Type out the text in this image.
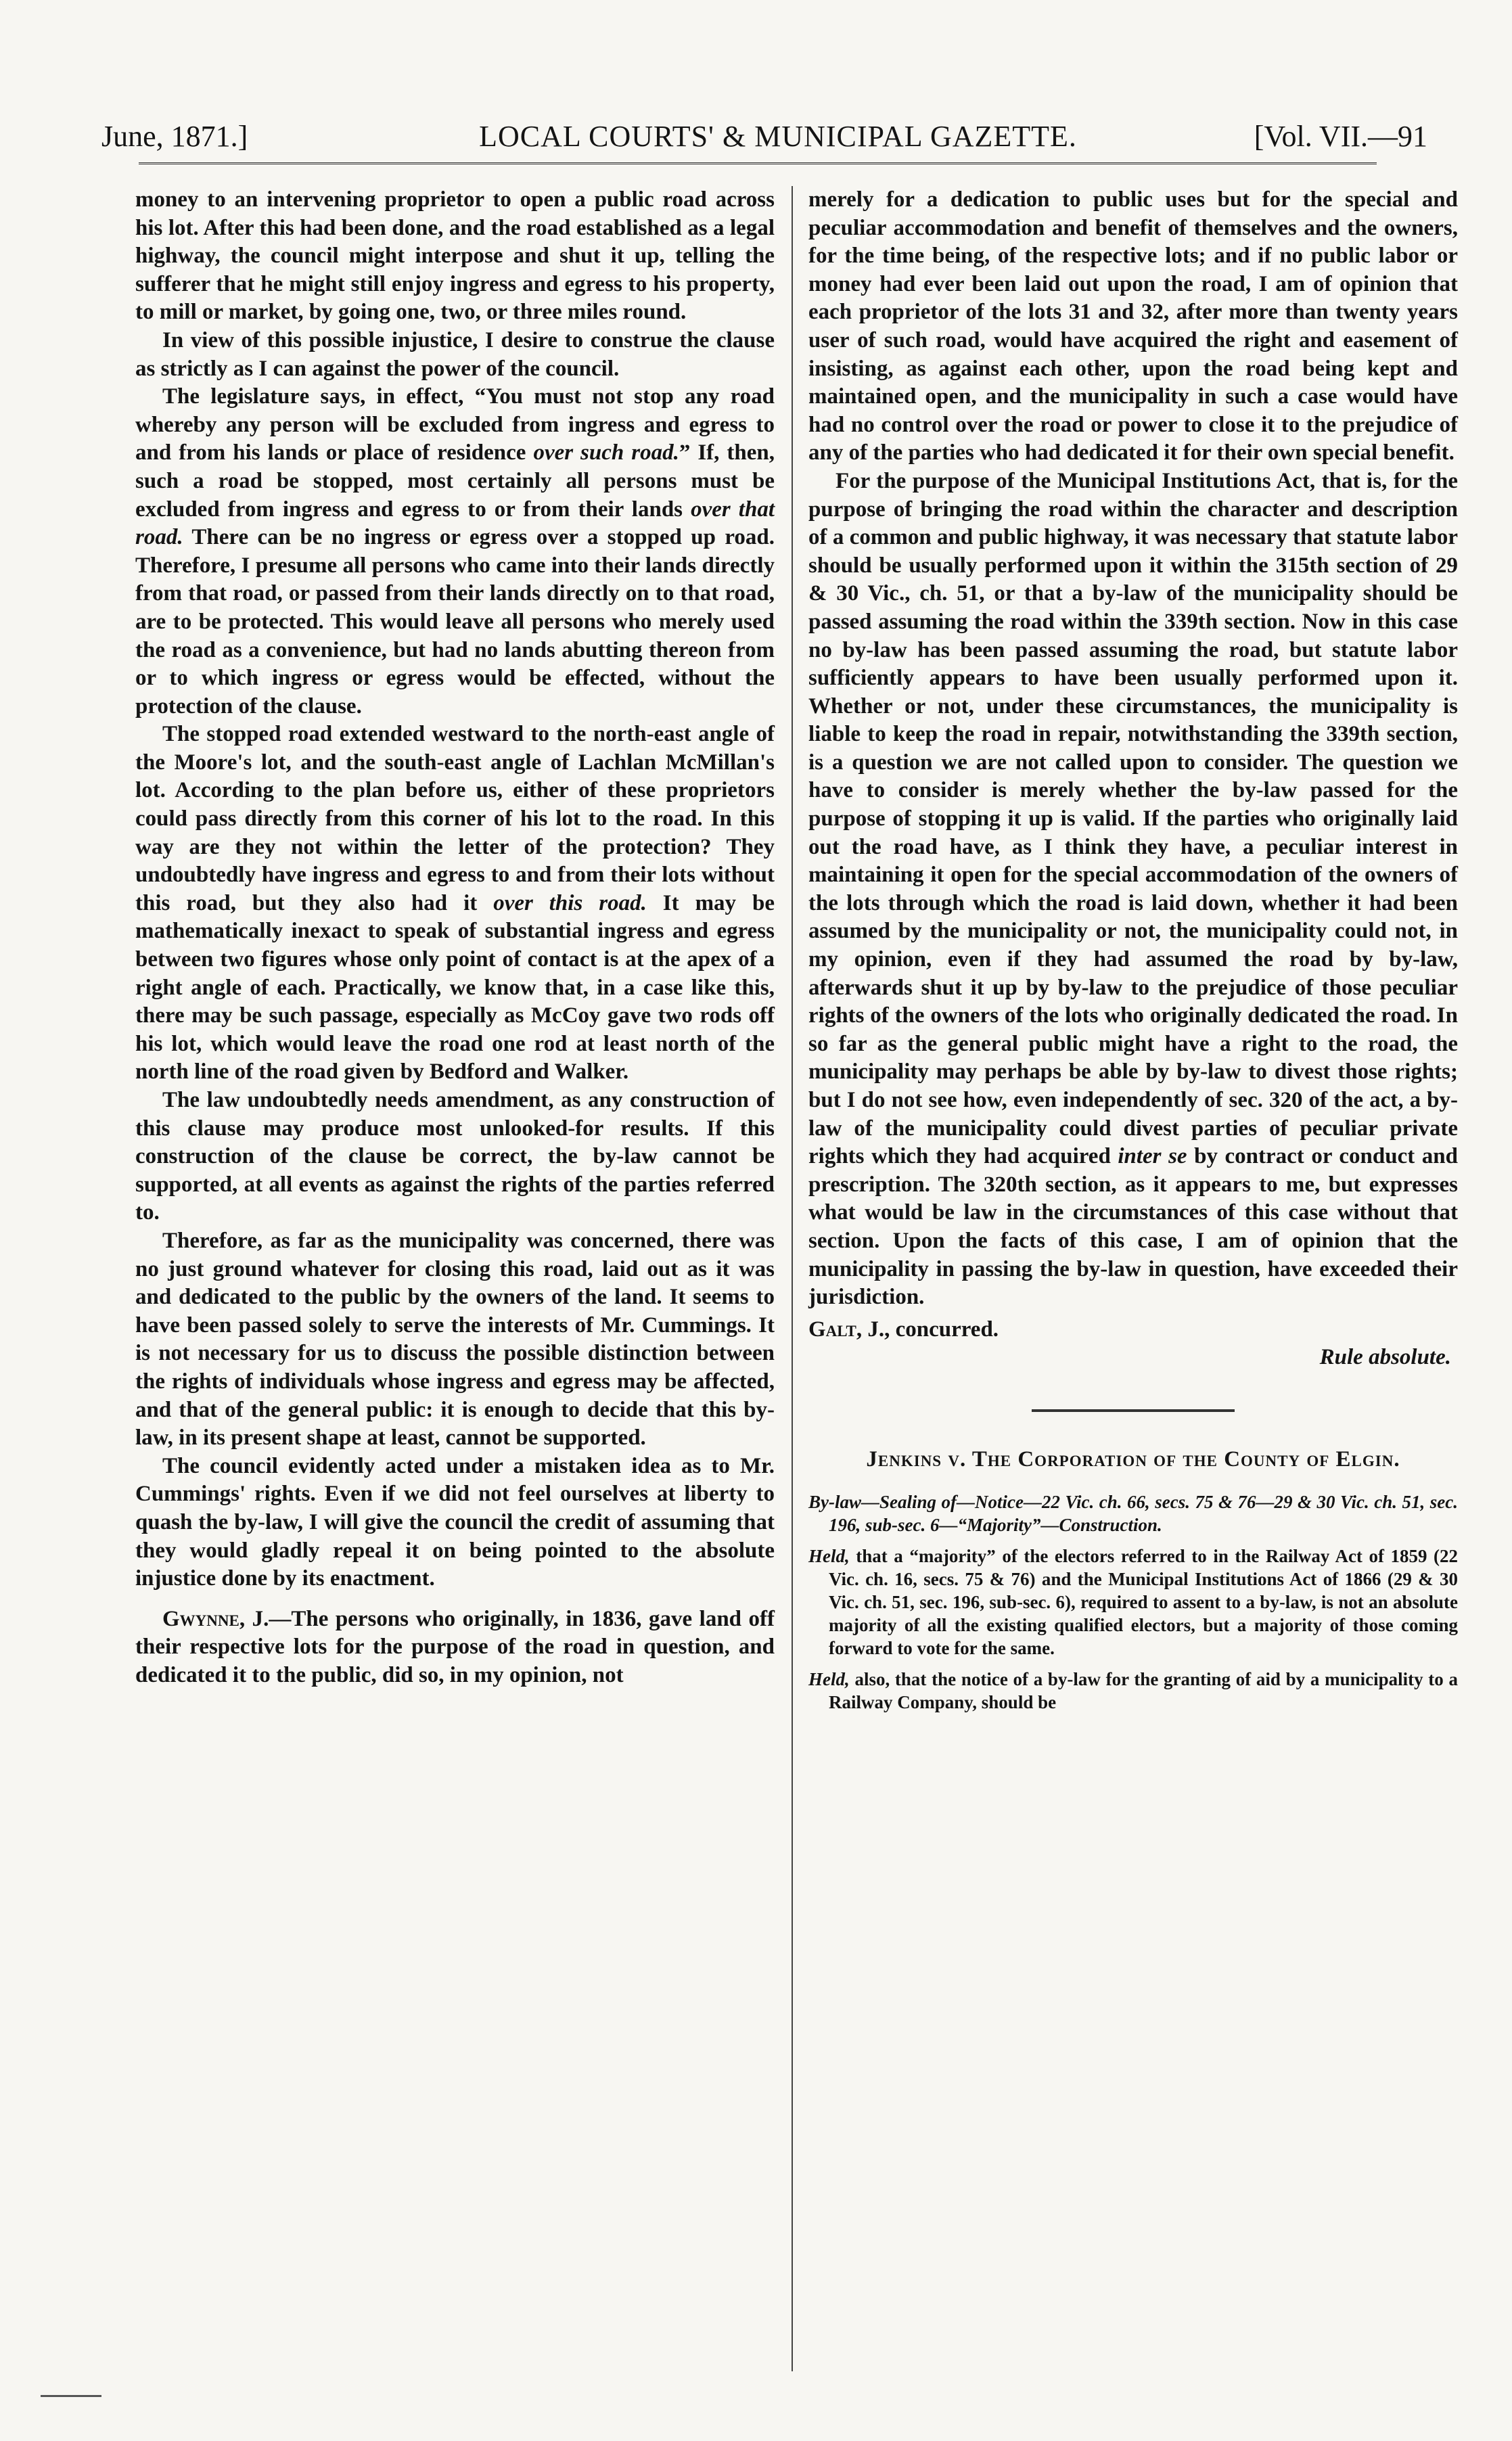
June, 1871.]	LOCAL COURTS' & MUNICIPAL GAZETTE.	[Vol. VII.—91

money to an intervening proprietor to open a public road across his lot. After this had been done, and the road established as a legal highway, the council might interpose and shut it up, telling the sufferer that he might still enjoy ingress and egress to his property, to mill or market, by going one, two, or three miles round.

In view of this possible injustice, I desire to construe the clause as strictly as I can against the power of the council.

The legislature says, in effect, “You must not stop any road whereby any person will be excluded from ingress and egress to and from his lands or place of residence over such road.” If, then, such a road be stopped, most certainly all persons must be excluded from ingress and egress to or from their lands over that road. There can be no ingress or egress over a stopped up road. Therefore, I presume all persons who came into their lands directly from that road, or passed from their lands directly on to that road, are to be protected. This would leave all persons who merely used the road as a convenience, but had no lands abutting thereon from or to which ingress or egress would be effected, without the protection of the clause.

The stopped road extended westward to the north-east angle of the Moore's lot, and the south-east angle of Lachlan McMillan's lot. According to the plan before us, either of these proprietors could pass directly from this corner of his lot to the road. In this way are they not within the letter of the protection? They undoubtedly have ingress and egress to and from their lots without this road, but they also had it over this road. It may be mathematically inexact to speak of substantial ingress and egress between two figures whose only point of contact is at the apex of a right angle of each. Practically, we know that, in a case like this, there may be such passage, especially as McCoy gave two rods off his lot, which would leave the road one rod at least north of the north line of the road given by Bedford and Walker.

The law undoubtedly needs amendment, as any construction of this clause may produce most unlooked-for results. If this construction of the clause be correct, the by-law cannot be supported, at all events as against the rights of the parties referred to.

Therefore, as far as the municipality was concerned, there was no just ground whatever for closing this road, laid out as it was and dedicated to the public by the owners of the land. It seems to have been passed solely to serve the interests of Mr. Cummings. It is not necessary for us to discuss the possible distinction between the rights of individuals whose ingress and egress may be affected, and that of the general public: it is enough to decide that this by-law, in its present shape at least, cannot be supported.

The council evidently acted under a mistaken idea as to Mr. Cummings' rights. Even if we did not feel ourselves at liberty to quash the by-law, I will give the council the credit of assuming that they would gladly repeal it on being pointed to the absolute injustice done by its enactment.

Gwynne, J.—The persons who originally, in 1836, gave land off their respective lots for the purpose of the road in question, and dedicated it to the public, did so, in my opinion, not

merely for a dedication to public uses but for the special and peculiar accommodation and benefit of themselves and the owners, for the time being, of the respective lots; and if no public labor or money had ever been laid out upon the road, I am of opinion that each proprietor of the lots 31 and 32, after more than twenty years user of such road, would have acquired the right and easement of insisting, as against each other, upon the road being kept and maintained open, and the municipality in such a case would have had no control over the road or power to close it to the prejudice of any of the parties who had dedicated it for their own special benefit.

For the purpose of the Municipal Institutions Act, that is, for the purpose of bringing the road within the character and description of a common and public highway, it was necessary that statute labor should be usually performed upon it within the 315th section of 29 & 30 Vic., ch. 51, or that a by-law of the municipality should be passed assuming the road within the 339th section. Now in this case no by-law has been passed assuming the road, but statute labor sufficiently appears to have been usually performed upon it. Whether or not, under these circumstances, the municipality is liable to keep the road in repair, notwithstanding the 339th section, is a question we are not called upon to consider. The question we have to consider is merely whether the by-law passed for the purpose of stopping it up is valid. If the parties who originally laid out the road have, as I think they have, a peculiar interest in maintaining it open for the special accommodation of the owners of the lots through which the road is laid down, whether it had been assumed by the municipality or not, the municipality could not, in my opinion, even if they had assumed the road by by-law, afterwards shut it up by by-law to the prejudice of those peculiar rights of the owners of the lots who originally dedicated the road. In so far as the general public might have a right to the road, the municipality may perhaps be able by by-law to divest those rights; but I do not see how, even independently of sec. 320 of the act, a by-law of the municipality could divest parties of peculiar private rights which they had acquired inter se by contract or conduct and prescription. The 320th section, as it appears to me, but expresses what would be law in the circumstances of this case without that section. Upon the facts of this case, I am of opinion that the municipality in passing the by-law in question, have exceeded their jurisdiction.

Galt, J., concurred.

Rule absolute.

Jenkins v. The Corporation of the County of Elgin.

By-law—Sealing of—Notice—22 Vic. ch. 66, secs. 75 & 76—29 & 30 Vic. ch. 51, sec. 196, sub-sec. 6—“Majority”—Construction.

Held, that a “majority” of the electors referred to in the Railway Act of 1859 (22 Vic. ch. 16, secs. 75 & 76) and the Municipal Institutions Act of 1866 (29 & 30 Vic. ch. 51, sec. 196, sub-sec. 6), required to assent to a by-law, is not an absolute majority of all the existing qualified electors, but a majority of those coming forward to vote for the same.

Held, also, that the notice of a by-law for the granting of aid by a municipality to a Railway Company, should be
